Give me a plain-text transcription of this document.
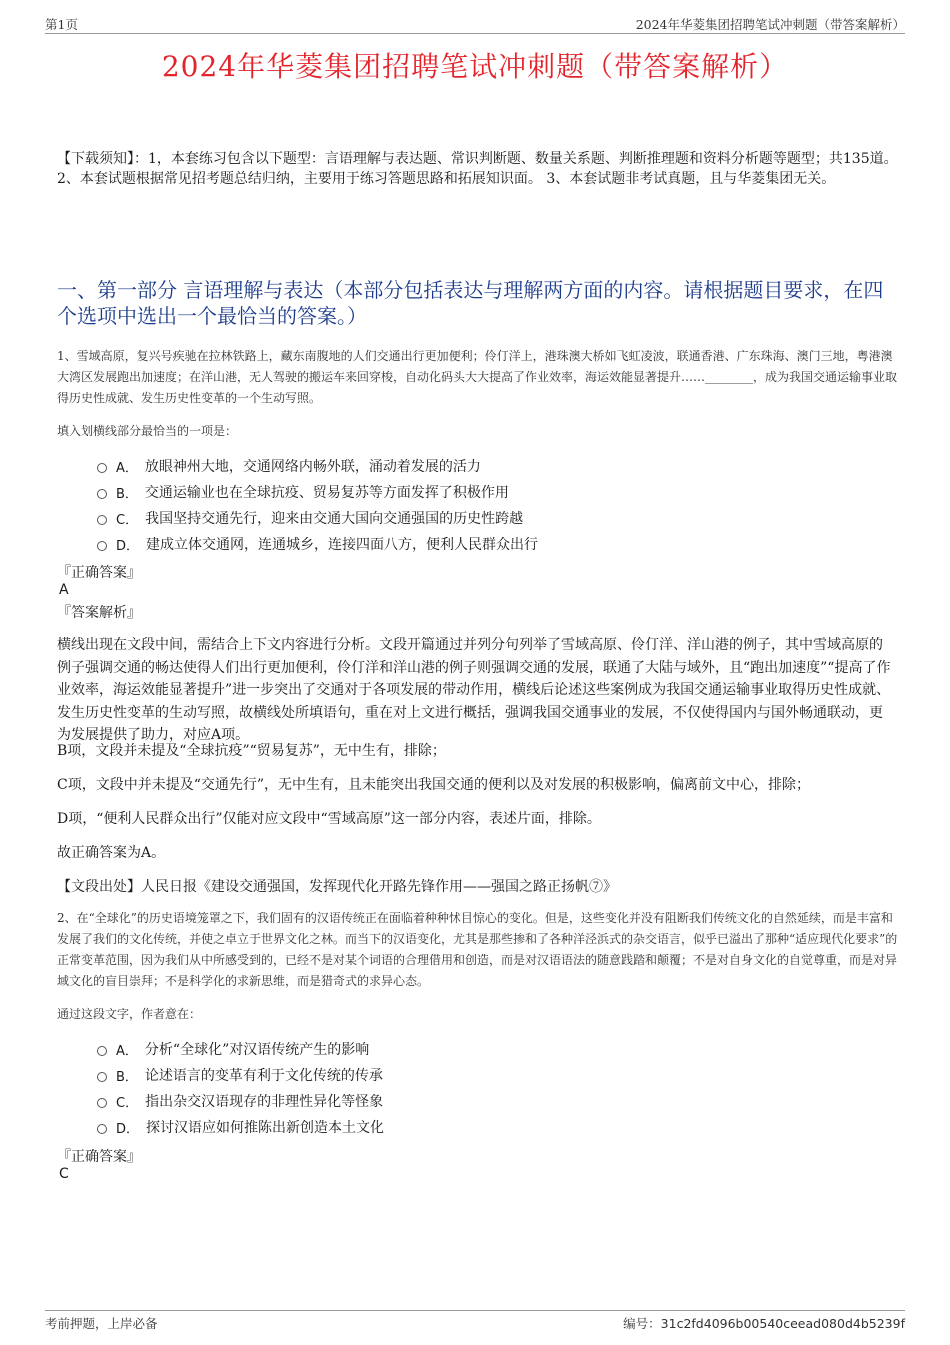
第1页	2024年华菱集团招聘笔试冲刺题（带答案解析）
2024年华菱集团招聘笔试冲刺题（带答案解析）
【下载须知】：1，本套练习包含以下题型：言语理解与表达题、常识判断题、数量关系题、判断推理题和资料分析题等题型；共135道。 2、本套试题根据常见招考题总结归纳，主要用于练习答题思路和拓展知识面。 3、本套试题非考试真题，且与华菱集团无关。
一、第一部分 言语理解与表达（本部分包括表达与理解两方面的内容。请根据题目要求，在四个选项中选出一个最恰当的答案。）
1、雪域高原，复兴号疾驰在拉林铁路上，藏东南腹地的人们交通出行更加便利；伶仃洋上，港珠澳大桥如飞虹凌波，联通香港、广东珠海、澳门三地，粤港澳大湾区发展跑出加速度；在洋山港，无人驾驶的搬运车来回穿梭，自动化码头大大提高了作业效率，海运效能显著提升……________，成为我国交通运输事业取得历史性成就、发生历史性变革的一个生动写照。
填入划横线部分最恰当的一项是：
A． 放眼神州大地，交通网络内畅外联，涌动着发展的活力
B． 交通运输业也在全球抗疫、贸易复苏等方面发挥了积极作用
C． 我国坚持交通先行，迎来由交通大国向交通强国的历史性跨越
D． 建成立体交通网，连通城乡，连接四面八方，便利人民群众出行
『正确答案』
A
『答案解析』
横线出现在文段中间，需结合上下文内容进行分析。文段开篇通过并列分句列举了雪域高原、伶仃洋、洋山港的例子，其中雪域高原的例子强调交通的畅达使得人们出行更加便利，伶仃洋和洋山港的例子则强调交通的发展，联通了大陆与域外，且“跑出加速度”“提高了作业效率，海运效能显著提升”进一步突出了交通对于各项发展的带动作用，横线后论述这些案例成为我国交通运输事业取得历史性成就、发生历史性变革的生动写照，故横线处所填语句，重在对上文进行概括，强调我国交通事业的发展，不仅使得国内与国外畅通联动，更为发展提供了助力，对应A项。
B项，文段并未提及“全球抗疫”“贸易复苏”，无中生有，排除；
C项，文段中并未提及“交通先行”，无中生有，且未能突出我国交通的便利以及对发展的积极影响，偏离前文中心，排除；
D项，“便利人民群众出行”仅能对应文段中“雪域高原”这一部分内容，表述片面，排除。
故正确答案为A。
【文段出处】人民日报《建设交通强国，发挥现代化开路先锋作用——强国之路正扬帆⑦》
2、在“全球化”的历史语境笼罩之下，我们固有的汉语传统正在面临着种种怵目惊心的变化。但是，这些变化并没有阻断我们传统文化的自然延续，而是丰富和发展了我们的文化传统，并使之卓立于世界文化之林。而当下的汉语变化，尤其是那些掺和了各种洋泾浜式的杂交语言，似乎已溢出了那种“适应现代化要求”的正常变革范围，因为我们从中所感受到的，已经不是对某个词语的合理借用和创造，而是对汉语语法的随意践踏和颠覆；不是对自身文化的自觉尊重，而是对异域文化的盲目崇拜；不是科学化的求新思维，而是猎奇式的求异心态。
通过这段文字，作者意在：
A． 分析“全球化”对汉语传统产生的影响
B． 论述语言的变革有利于文化传统的传承
C． 指出杂交汉语现存的非理性异化等怪象
D． 探讨汉语应如何推陈出新创造本土文化
『正确答案』
C
考前押题，上岸必备	编号：31c2fd4096b00540ceead080d4b5239f
